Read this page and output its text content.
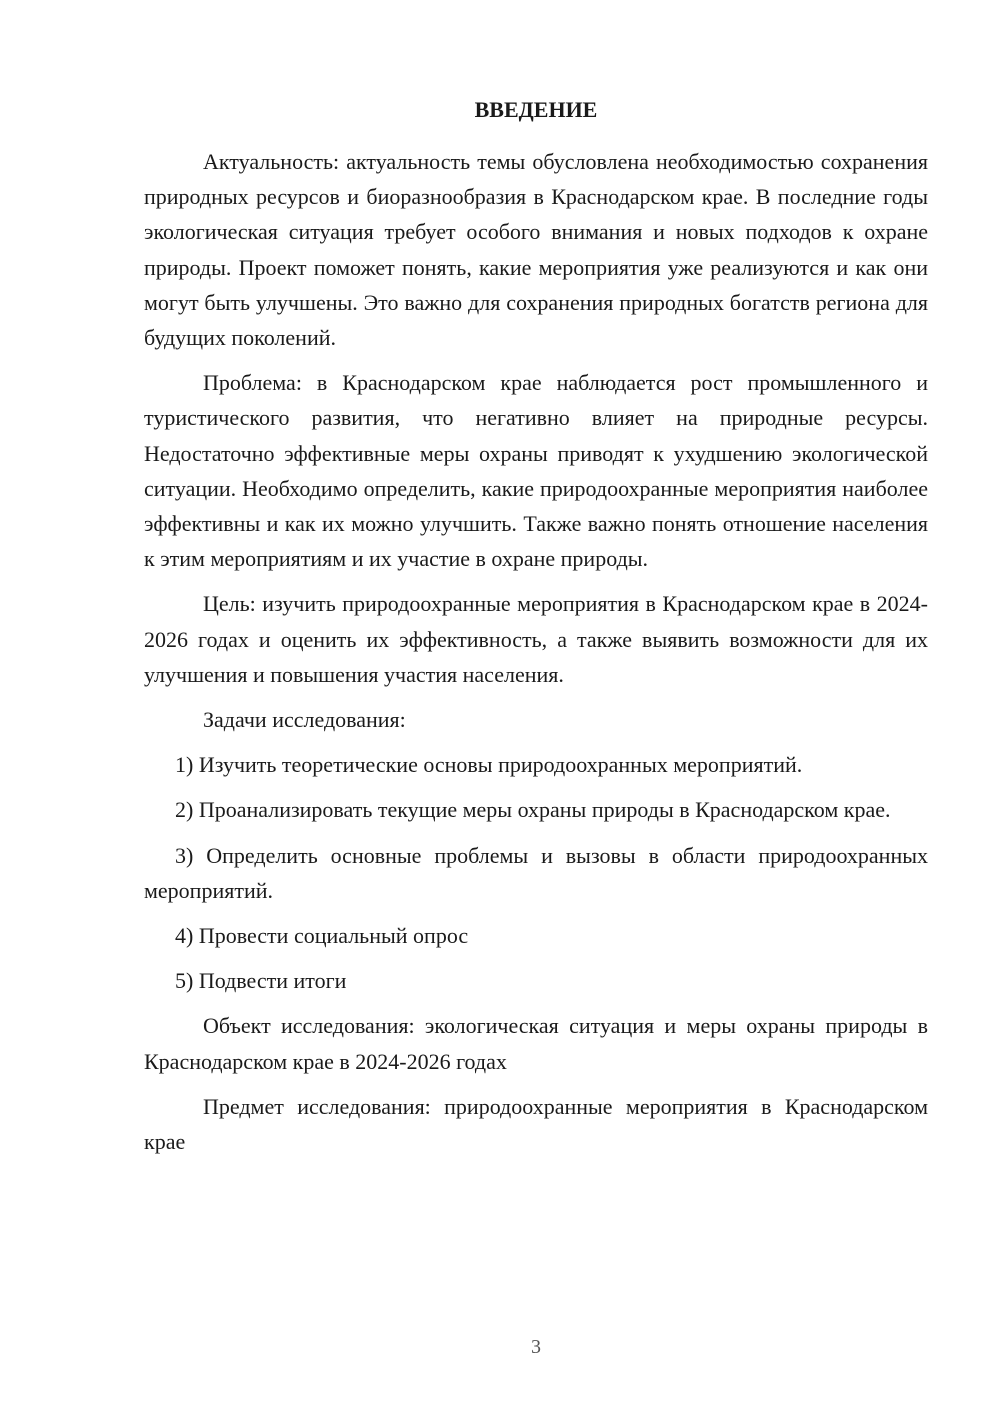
ВВЕДЕНИЕ

Актуальность: актуальность темы обусловлена необходимостью сохранения природных ресурсов и биоразнообразия в Краснодарском крае. В последние годы экологическая ситуация требует особого внимания и новых подходов к охране природы. Проект поможет понять, какие мероприятия уже реализуются и как они могут быть улучшены. Это важно для сохранения природных богатств региона для будущих поколений.

Проблема: в Краснодарском крае наблюдается рост промышленного и туристического развития, что негативно влияет на природные ресурсы. Недостаточно эффективные меры охраны приводят к ухудшению экологической ситуации. Необходимо определить, какие природоохранные мероприятия наиболее эффективны и как их можно улучшить. Также важно понять отношение населения к этим мероприятиям и их участие в охране природы.

Цель: изучить природоохранные мероприятия в Краснодарском крае в 2024-2026 годах и оценить их эффективность, а также выявить возможности для их улучшения и повышения участия населения.

Задачи исследования:

1) Изучить теоретические основы природоохранных мероприятий.

2) Проанализировать текущие меры охраны природы в Краснодарском крае.

3) Определить основные проблемы и вызовы в области природоохранных мероприятий.

4) Провести социальный опрос

5) Подвести итоги

Объект исследования: экологическая ситуация и меры охраны природы в Краснодарском крае в 2024-2026 годах

Предмет исследования: природоохранные мероприятия в Краснодарском крае

3
